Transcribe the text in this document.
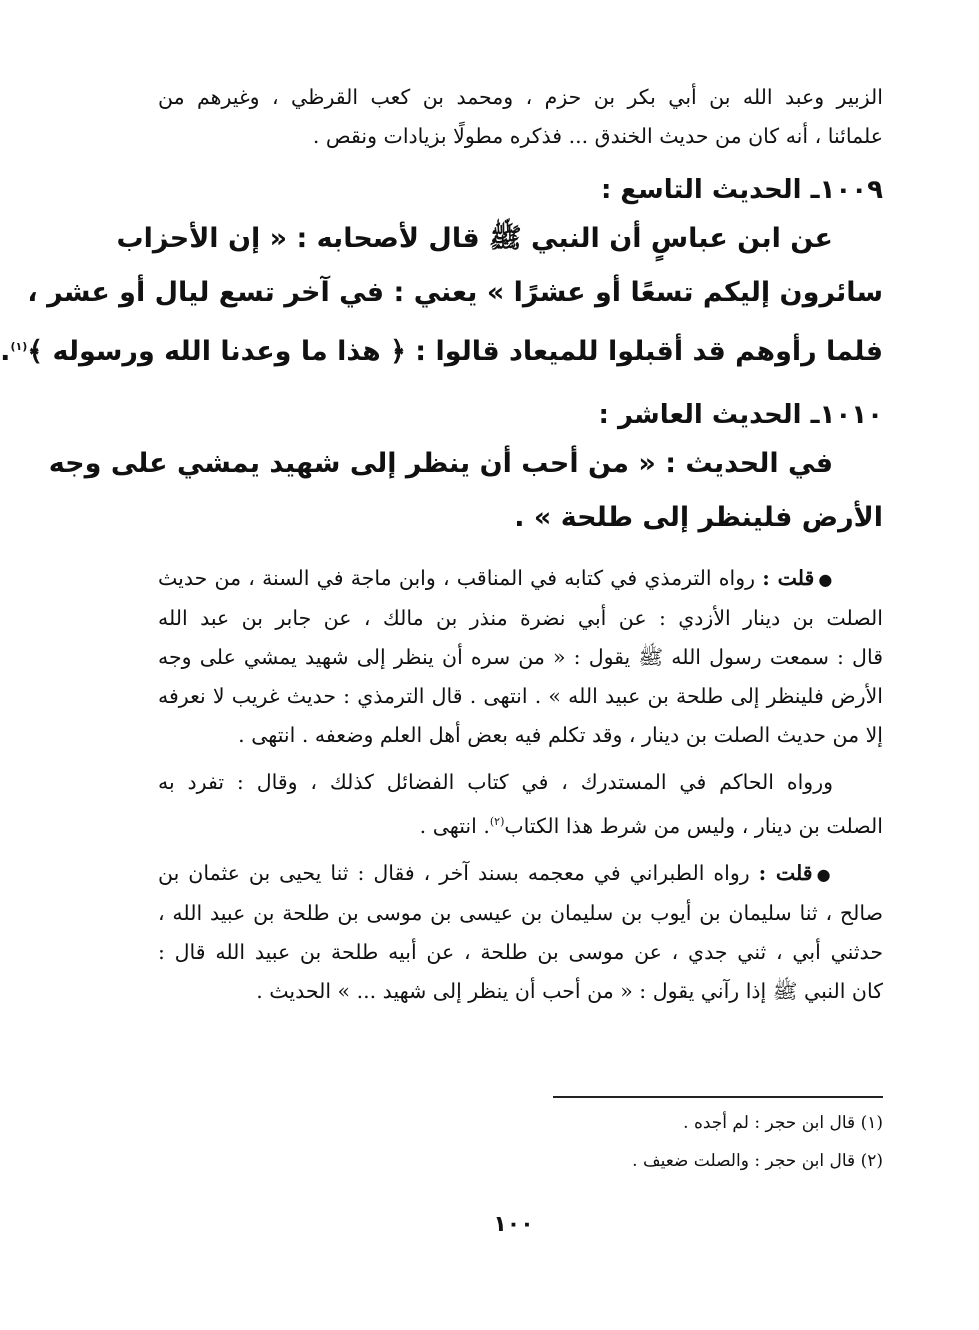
الزبير وعبد الله بن أبي بكر بن حزم ، ومحمد بن كعب القرظي ، وغيرهم من
علمائنا ، أنه كان من حديث الخندق ... فذكره مطولًا بزيادات ونقص .
١٠٠٩ـ الحديث التاسع :
عن ابن عباسٍ أن النبي ﷺ قال لأصحابه : « إن الأحزاب
سائرون إليكم تسعًا أو عشرًا » يعني : في آخر تسع ليال أو عشر ،
فلما رأوهم قد أقبلوا للميعاد قالوا : ﴿ هذا ما وعدنا الله ورسوله ﴾$^{(١)}$.
١٠١٠ـ الحديث العاشر :
في الحديث : « من أحب أن ينظر إلى شهيد يمشي على وجه
الأرض فلينظر إلى طلحة » .
●قلت : رواه الترمذي في كتابه في المناقب ، وابن ماجة في السنة ، من حديث
الصلت بن دينار الأزدي : عن أبي نضرة منذر بن مالك ، عن جابر بن عبد الله
قال : سمعت رسول الله ﷺ يقول : « من سره أن ينظر إلى شهيد يمشي على وجه
الأرض فلينظر إلى طلحة بن عبيد الله » . انتهى . قال الترمذي : حديث غريب لا نعرفه
إلا من حديث الصلت بن دينار ، وقد تكلم فيه بعض أهل العلم وضعفه . انتهى .
ورواه الحاكم في المستدرك ، في كتاب الفضائل كذلك ، وقال : تفرد به
الصلت بن دينار ، وليس من شرط هذا الكتاب$^{(٢)}$. انتهى .
●قلت : رواه الطبراني في معجمه بسند آخر ، فقال : ثنا يحيى بن عثمان بن
صالح ، ثنا سليمان بن أيوب بن سليمان بن عيسى بن موسى بن طلحة بن عبيد الله ،
حدثني أبي ، ثني جدي ، عن موسى بن طلحة ، عن أبيه طلحة بن عبيد الله قال :
كان النبي ﷺ إذا رآني يقول : « من أحب أن ينظر إلى شهيد ... » الحديث .
(١) قال ابن حجر : لم أجده .
(٢) قال ابن حجر : والصلت ضعيف .
١٠٠
